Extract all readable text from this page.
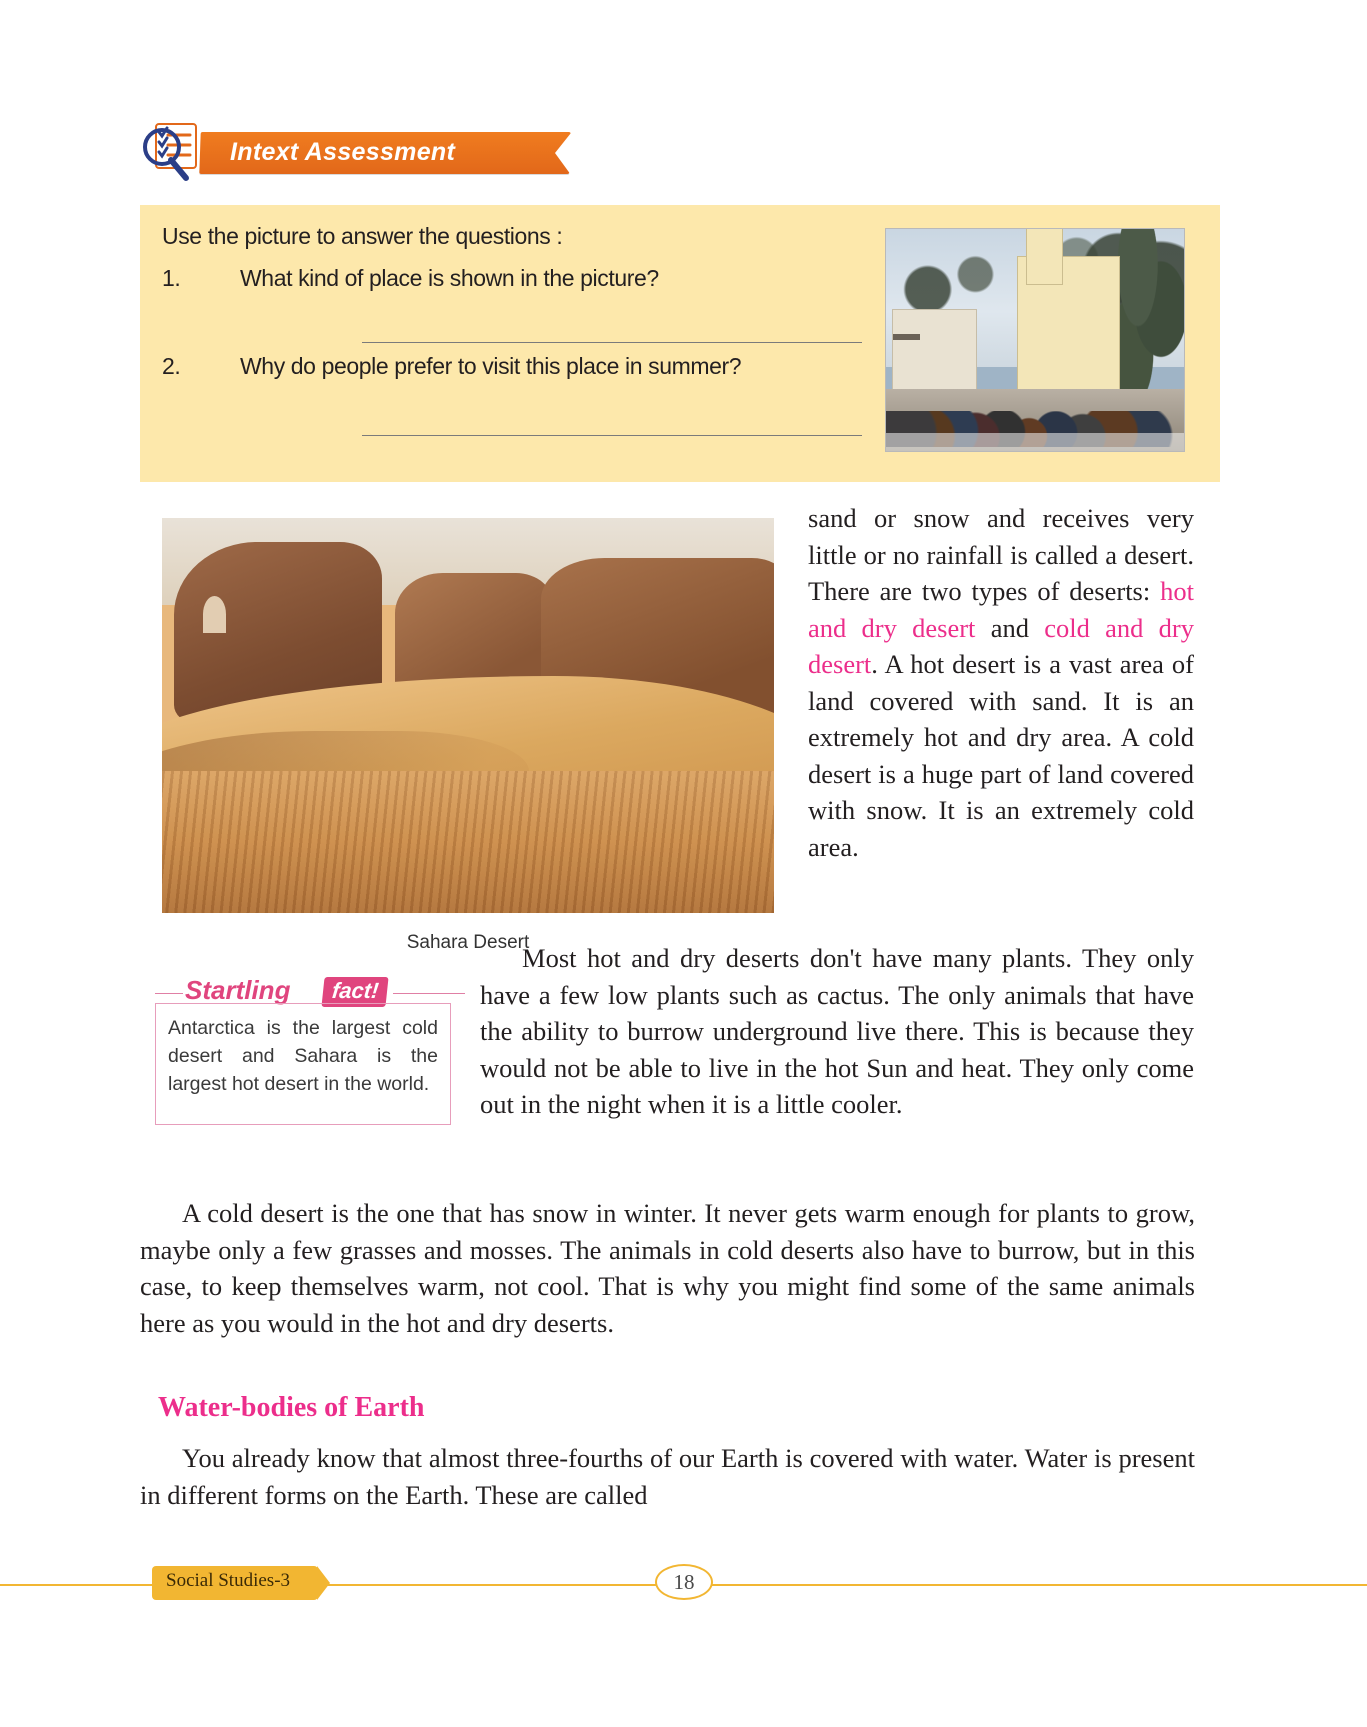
Intext Assessment
Use the picture to answer the questions :
1.	What kind of place is shown in the picture?
2.	Why do people prefer to visit this place in summer?
Sahara Desert
Startling	fact!
Antarctica is the largest cold desert and Sahara is the largest hot desert in the world.
sand or snow and receives very little or no rainfall is called a desert. There are two types of deserts: hot and dry desert and cold and dry desert. A hot desert is a vast area of land covered with sand. It is an extremely hot and dry area. A cold desert is a huge part of land covered with snow. It is an extremely cold area.
Most hot and dry deserts don't have many plants. They only have a few low plants such as cactus. The only animals that have the ability to burrow underground live there. This is because they would not be able to live in the hot Sun and heat. They only come out in the night when it is a little cooler.
A cold desert is the one that has snow in winter. It never gets warm enough for plants to grow, maybe only a few grasses and mosses. The animals in cold deserts also have to burrow, but in this case, to keep themselves warm, not cool. That is why you might find some of the same animals here as you would in the hot and dry deserts.
Water-bodies of Earth
You already know that almost three-fourths of our Earth is covered with water. Water is present in different forms on the Earth. These are called
Social Studies-3	18
